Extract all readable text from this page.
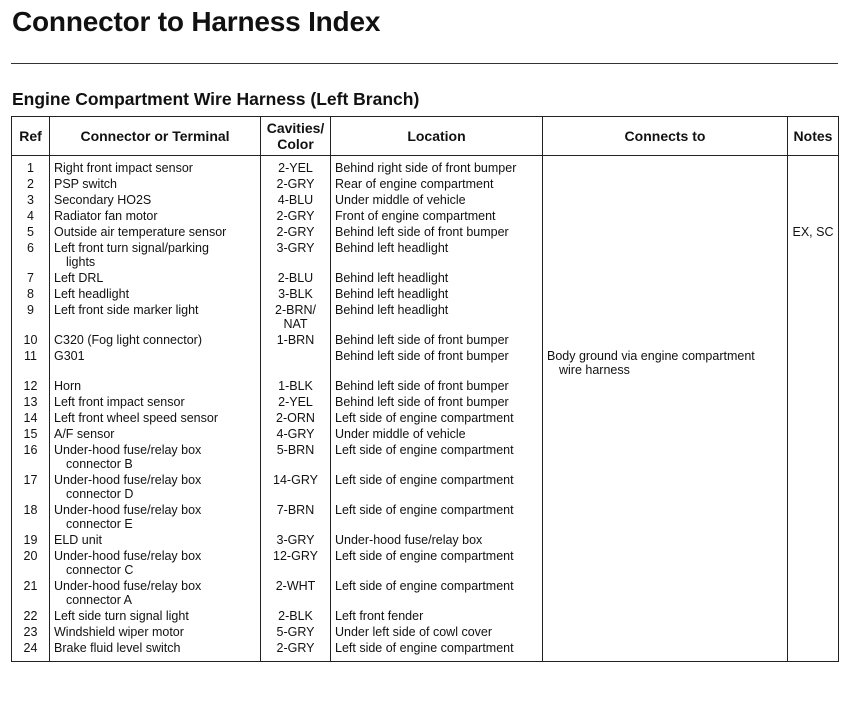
Connector to Harness Index
Engine Compartment Wire Harness (Left Branch)
Ref	Connector or Terminal	Cavities/
Color	Location	Connects to	Notes
1	Right front impact sensor	2-YEL	Behind right side of front bumper		
2	PSP switch	2-GRY	Rear of engine compartment		
3	Secondary HO2S	4-BLU	Under middle of vehicle		
4	Radiator fan motor	2-GRY	Front of engine compartment		
5	Outside air temperature sensor	2-GRY	Behind left side of front bumper		EX, SC
6	Left front turn signal/parking
lights	3-GRY	Behind left headlight		
7	Left DRL	2-BLU	Behind left headlight		
8	Left headlight	3-BLK	Behind left headlight		
9	Left front side marker light	2-BRN/
NAT	Behind left headlight		
10	C320 (Fog light connector)	1-BRN	Behind left side of front bumper		
11	G301		Behind left side of front bumper	Body ground via engine compartment
wire harness	

12	Horn	1-BLK	Behind left side of front bumper		
13	Left front impact sensor	2-YEL	Behind left side of front bumper		
14	Left front wheel speed sensor	2-ORN	Left side of engine compartment		
15	A/F sensor	4-GRY	Under middle of vehicle		
16	Under-hood fuse/relay box
connector B	5-BRN	Left side of engine compartment		
17	Under-hood fuse/relay box
connector D	14-GRY	Left side of engine compartment		
18	Under-hood fuse/relay box
connector E	7-BRN	Left side of engine compartment		
19	ELD unit	3-GRY	Under-hood fuse/relay box		
20	Under-hood fuse/relay box
connector C	12-GRY	Left side of engine compartment		
21	Under-hood fuse/relay box
connector A	2-WHT	Left side of engine compartment		
22	Left side turn signal light	2-BLK	Left front fender		
23	Windshield wiper motor	5-GRY	Under left side of cowl cover		
24	Brake fluid level switch	2-GRY	Left side of engine compartment		
